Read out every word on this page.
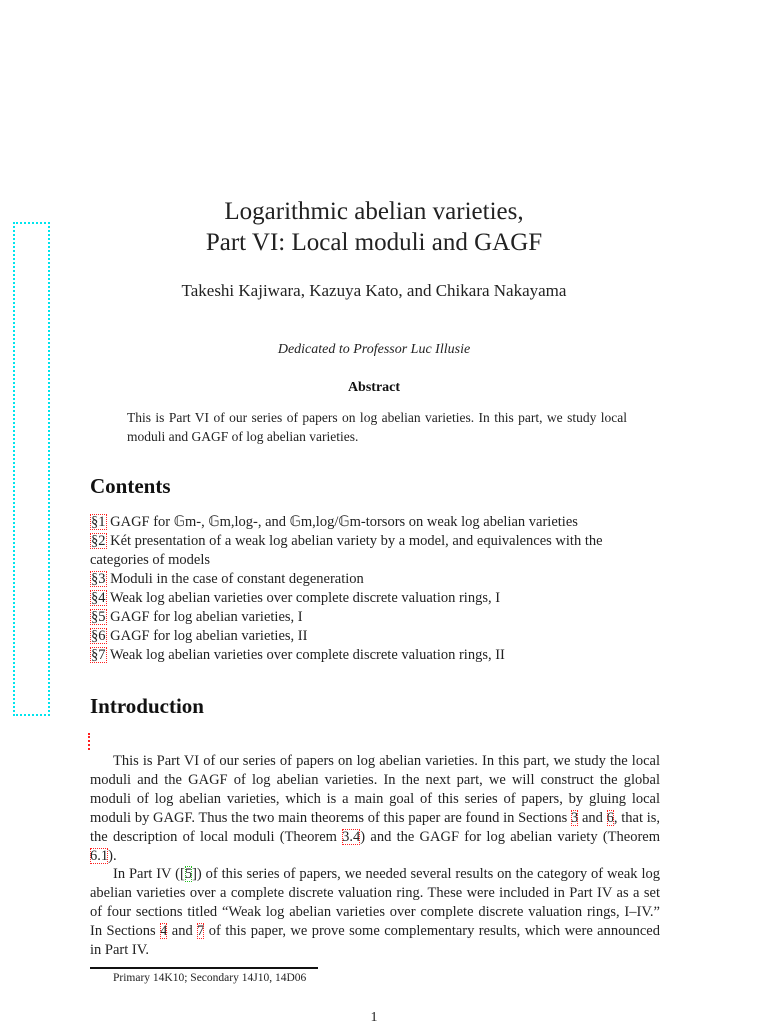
Logarithmic abelian varieties,
Part VI: Local moduli and GAGF
Takeshi Kajiwara, Kazuya Kato, and Chikara Nakayama
Dedicated to Professor Luc Illusie
Abstract
This is Part VI of our series of papers on log abelian varieties. In this part, we study local moduli and GAGF of log abelian varieties.
Contents
§1 GAGF for 𝔾m-, 𝔾m,log-, and 𝔾m,log/𝔾m-torsors on weak log abelian varieties
§2 Két presentation of a weak log abelian variety by a model, and equivalences with the categories of models
§3 Moduli in the case of constant degeneration
§4 Weak log abelian varieties over complete discrete valuation rings, I
§5 GAGF for log abelian varieties, I
§6 GAGF for log abelian varieties, II
§7 Weak log abelian varieties over complete discrete valuation rings, II
Introduction

This is Part VI of our series of papers on log abelian varieties. In this part, we study the local moduli and the GAGF of log abelian varieties. In the next part, we will construct the global moduli of log abelian varieties, which is a main goal of this series of papers, by gluing local moduli by GAGF. Thus the two main theorems of this paper are found in Sections 3 and 6, that is, the description of local moduli (Theorem 3.4) and the GAGF for log abelian variety (Theorem 6.1).

In Part IV ([5]) of this series of papers, we needed several results on the category of weak log abelian varieties over a complete discrete valuation ring. These were included in Part IV as a set of four sections titled “Weak log abelian varieties over complete discrete valuation rings, I–IV.” In Sections 4 and 7 of this paper, we prove some complementary results, which were announced in Part IV.

Primary 14K10; Secondary 14J10, 14D06
1
